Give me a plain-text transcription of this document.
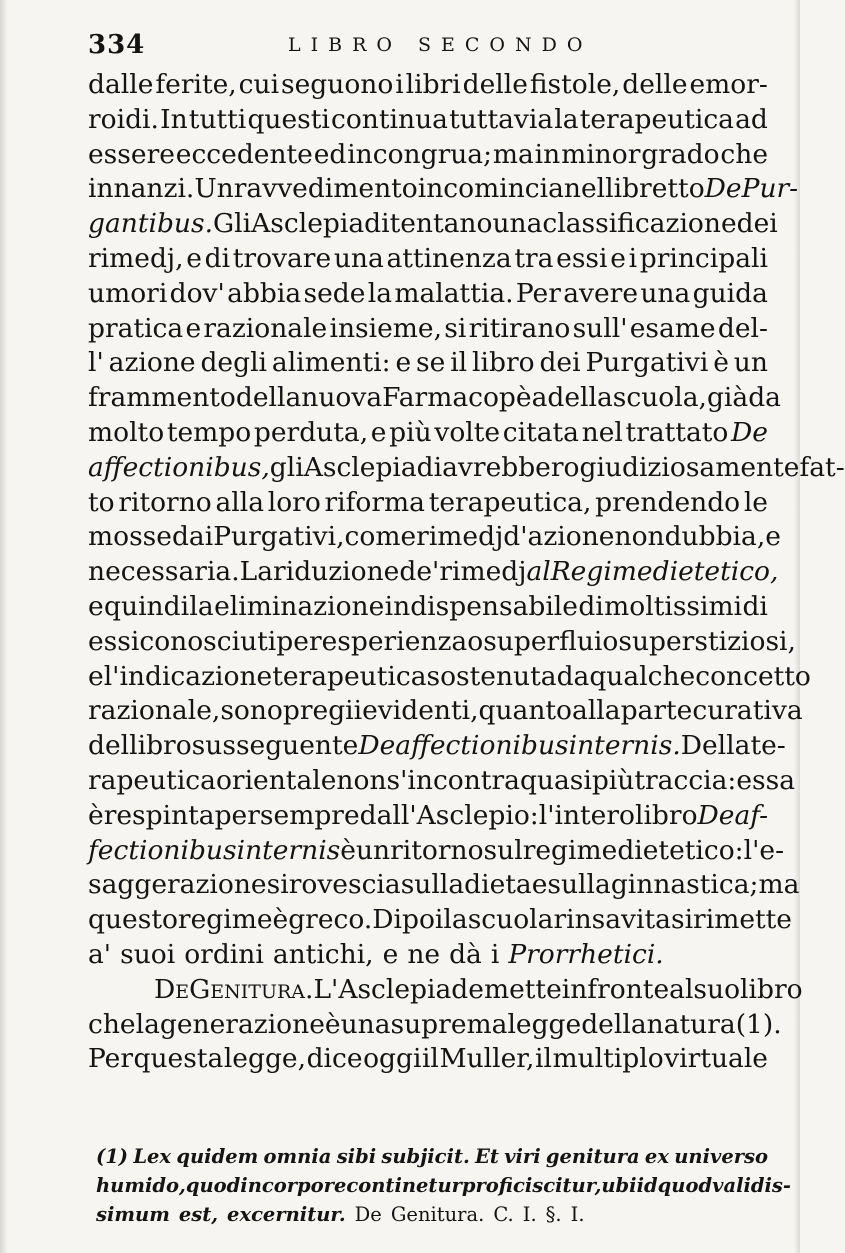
334	LIBRO SECONDO
dalle ferite, cui seguono i libri delle fistole, delle emor-
roidi. In tutti questi continua tuttavia la terapeutica ad
essere eccedente ed incongrua; ma in minor grado che
innanzi. Un ravvedimento incomincia nel libretto De Pur-
gantibus. Gli Asclepiadi tentano una classificazione dei
rimedj, e di trovare una attinenza tra essi e i principali
umori dov' abbia sede la malattia. Per avere una guida
pratica e razionale insieme, si ritirano sull' esame del-
l' azione degli alimenti: e se il libro dei Purgativi è un
frammento della nuova Farmacopèa della scuola, già da
molto tempo perduta, e più volte citata nel trattato De
affectionibus, gli Asclepiadi avrebbero giudiziosamente fat-
to ritorno alla loro riforma terapeutica, prendendo le
mosse dai Purgativi, come rimedj d'azione non dubbia, e
necessaria. La riduzione de' rimedj al Regime dietetico,
e quindi la eliminazione indispensabile di moltissimi di
essi conosciuti per esperienza o superflui o superstiziosi,
e l'indicazione terapeutica sostenuta da qualche concetto
razionale, sono pregii evidenti, quanto alla parte curativa
del libro susseguente De affectionibus internis. Della te-
rapeutica orientale non s' incontra quasi più traccia: essa
è respinta per sempre dall'Asclepio: l'intero libro De af-
fectionibus internis è un ritorno sul regime dietetico: l' e-
saggerazione si rovescia sulla dieta e sulla ginnastica; ma
questo regime è greco. Dipoi la scuola rinsavita si rimette
a' suoi ordini antichi, e ne dà i Prorrhetici.
De Genitura. L'Asclepiade mette in fronte al suo libro
che la generazione è una suprema legge della natura (1).
Per questa legge, dice oggi il Muller, il multiplo virtuale
(1) Lex quidem omnia sibi subjicit. Et viri genitura ex universo
humido, quod in corpore continetur proficiscitur, ubi id quod validis-
simum est, excernitur. De Genitura. C. I. §. I.
